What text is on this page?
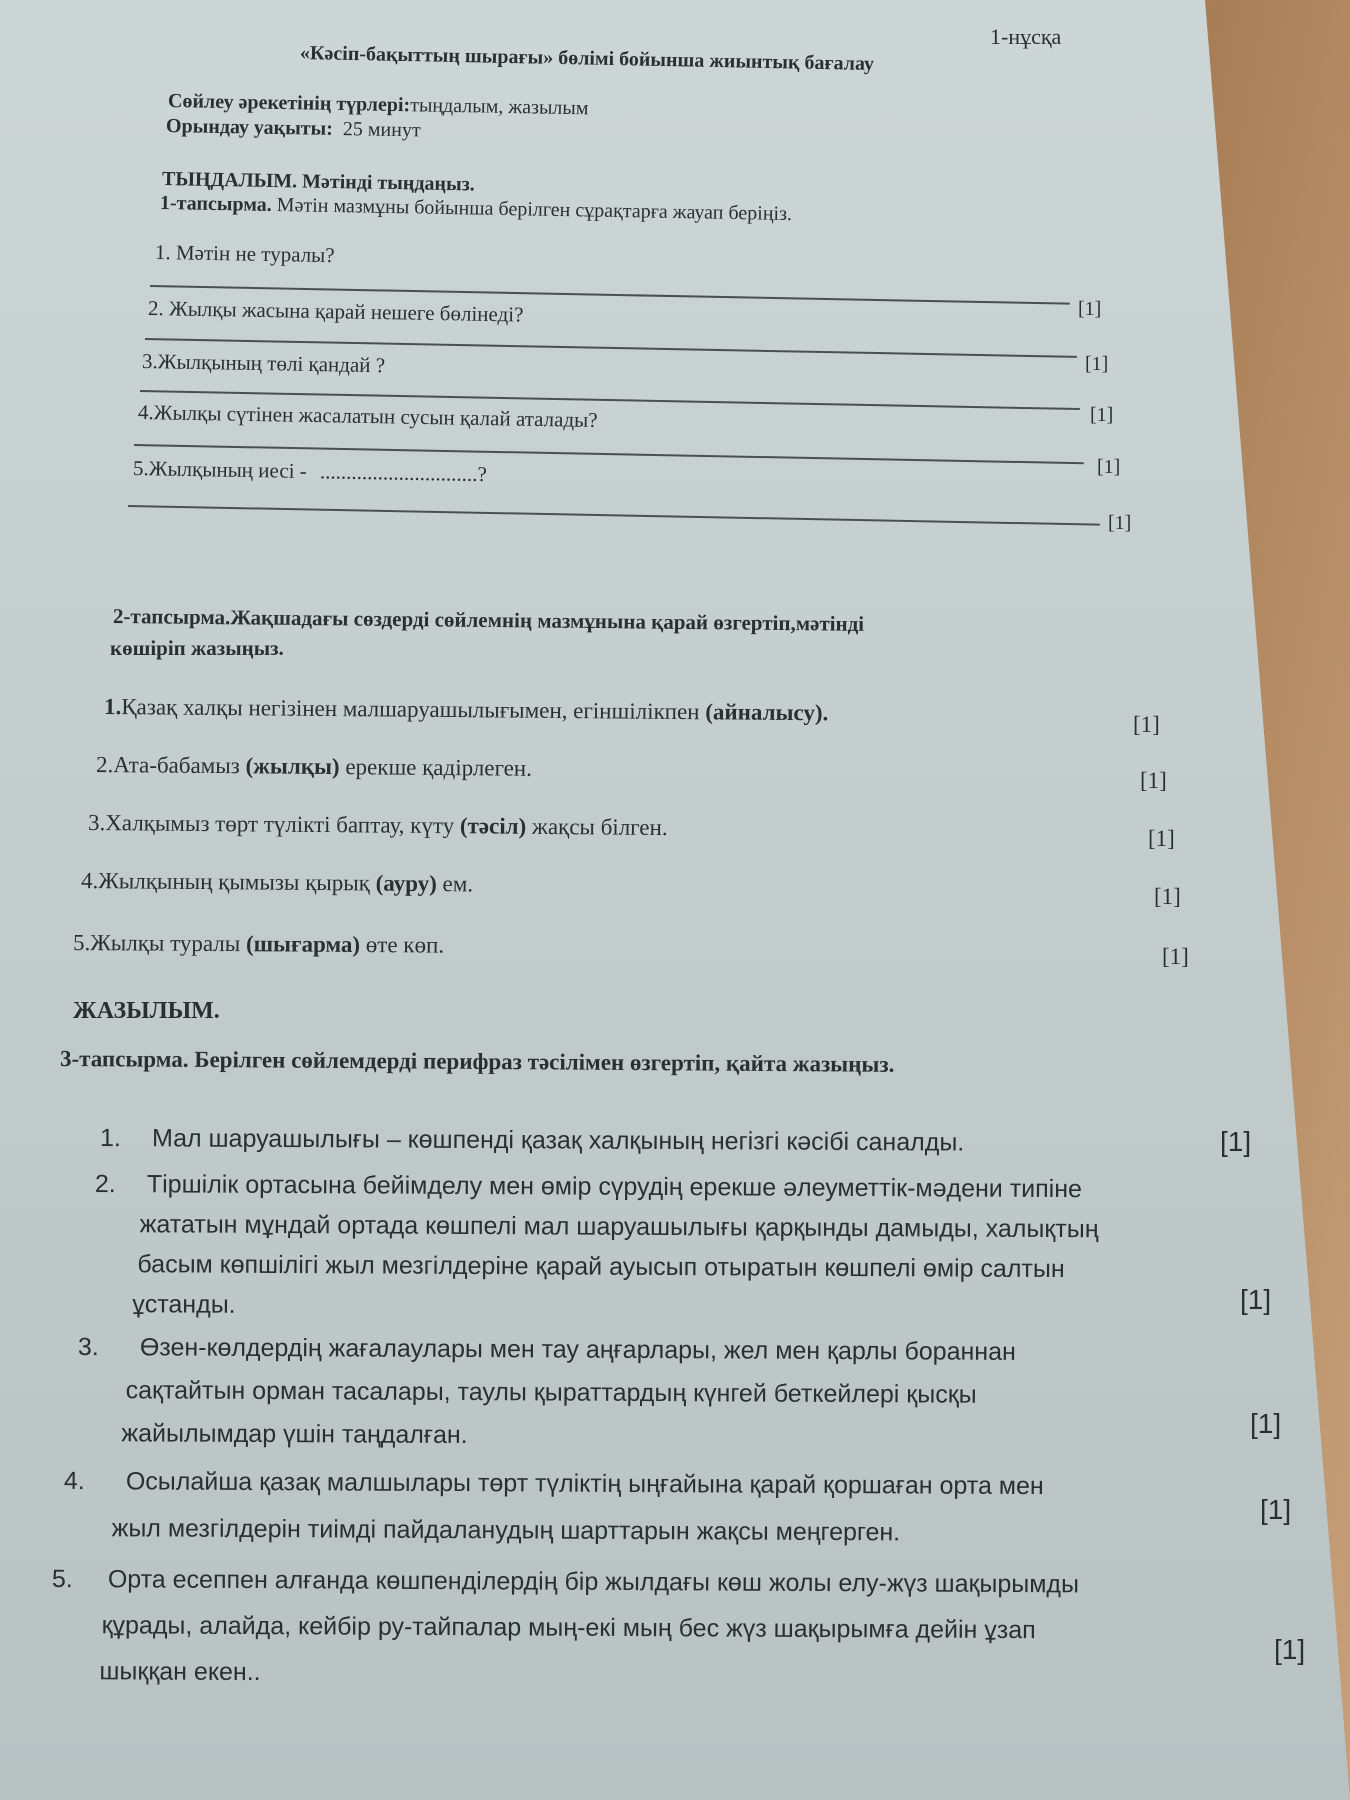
1-нұсқа
«Кәсіп-бақыттың шырағы» бөлімі бойынша жиынтық бағалау
Сөйлеу әрекетінің түрлері:тыңдалым, жазылым
Орындау уақыты: 25 минут
ТЫҢДАЛЫМ. Мәтінді тыңдаңыз.
1-тапсырма. Мәтін мазмұны бойынша берілген сұрақтарға жауап беріңіз.
1. Мәтін не туралы?
[1]
2. Жылқы жасына қарай нешеге бөлінеді?
[1]
3.Жылқының төлі қандай ?
[1]
4.Жылқы сүтінен жасалатын сусын қалай аталады?
[1]
5.Жылқының иесі - ..............................?
[1]
2-тапсырма.Жақшадағы сөздерді сөйлемнің мазмұнына қарай өзгертіп,мәтінді
көшіріп жазыңыз.
1.Қазақ халқы негізінен малшаруашылығымен, егіншілікпен (айналысу).	[1]
2.Ата-бабамыз (жылқы) ерекше қадірлеген.	[1]
3.Халқымыз төрт түлікті баптау, күту (тәсіл) жақсы білген.	[1]
4.Жылқының қымызы қырық (ауру) ем.
[1]
5.Жылқы туралы (шығарма) өте көп.	[1]
ЖАЗЫЛЫМ.
3-тапсырма. Берілген сөйлемдерді перифраз тәсілімен өзгертіп, қайта жазыңыз.
1. Мал шаруашылығы – көшпенді қазақ халқының негізгі кәсібі саналды.	[1]
2. Тіршілік ортасына бейімделу мен өмір сүрудің ерекше әлеуметтік-мәдени типіне
жататын мұндай ортада көшпелі мал шаруашылығы қарқынды дамыды, халықтың
басым көпшілігі жыл мезгілдеріне қарай ауысып отыратын көшпелі өмір салтын
ұстанды.	[1]
3. Өзен-көлдердің жағалаулары мен тау аңғарлары, жел мен қарлы бораннан
сақтайтын орман тасалары, таулы қыраттардың күнгей беткейлері қысқы
жайылымдар үшін таңдалған.	[1]
4. Осылайша қазақ малшылары төрт түліктің ыңғайына қарай қоршаған орта мен
жыл мезгілдерін тиімді пайдаланудың шарттарын жақсы меңгерген.
[1]
5. Орта есеппен алғанда көшпенділердің бір жылдағы көш жолы елу-жүз шақырымды
құрады, алайда, кейбір ру-тайпалар мың-екі мың бес жүз шақырымға дейін ұзап
шыққан екен..
[1]
